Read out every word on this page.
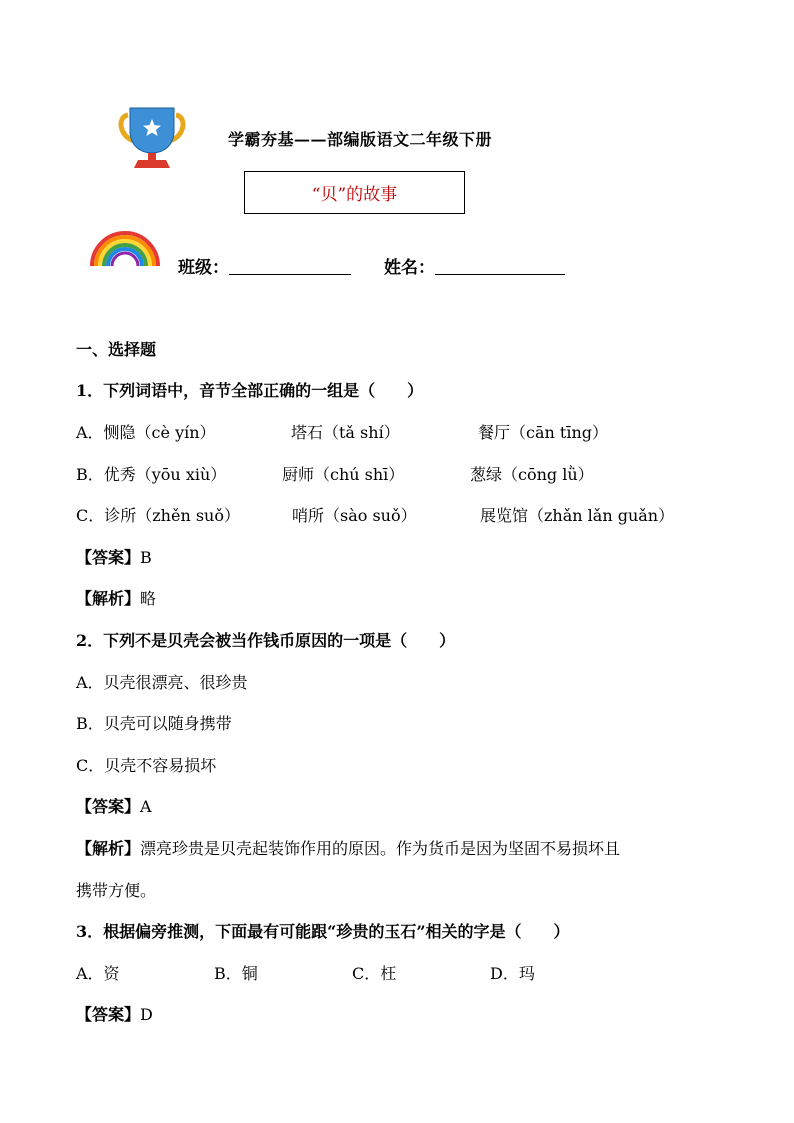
学霸夯基——部编版语文二年级下册
“贝”的故事
班级：	姓名：
一、选择题
1．下列词语中，音节全部正确的一组是（　　）
A．恻隐（cè yín）	塔石（tǎ shí）	餐厅（cān tīng）
B．优秀（yōu xiù）	厨师（chú shī）	葱绿（cōng lǜ）
C．诊所（zhěn suǒ）	哨所（sào suǒ）	展览馆（zhǎn lǎn guǎn）
【答案】B
【解析】略
2．下列不是贝壳会被当作钱币原因的一项是（　　）
A．贝壳很漂亮、很珍贵
B．贝壳可以随身携带
C．贝壳不容易损坏
【答案】A
【解析】漂亮珍贵是贝壳起装饰作用的原因。作为货币是因为坚固不易损坏且
携带方便。
3．根据偏旁推测，下面最有可能跟“珍贵的玉石”相关的字是（　　）
A．资	B．铜	C．枉	D．玛
【答案】D
